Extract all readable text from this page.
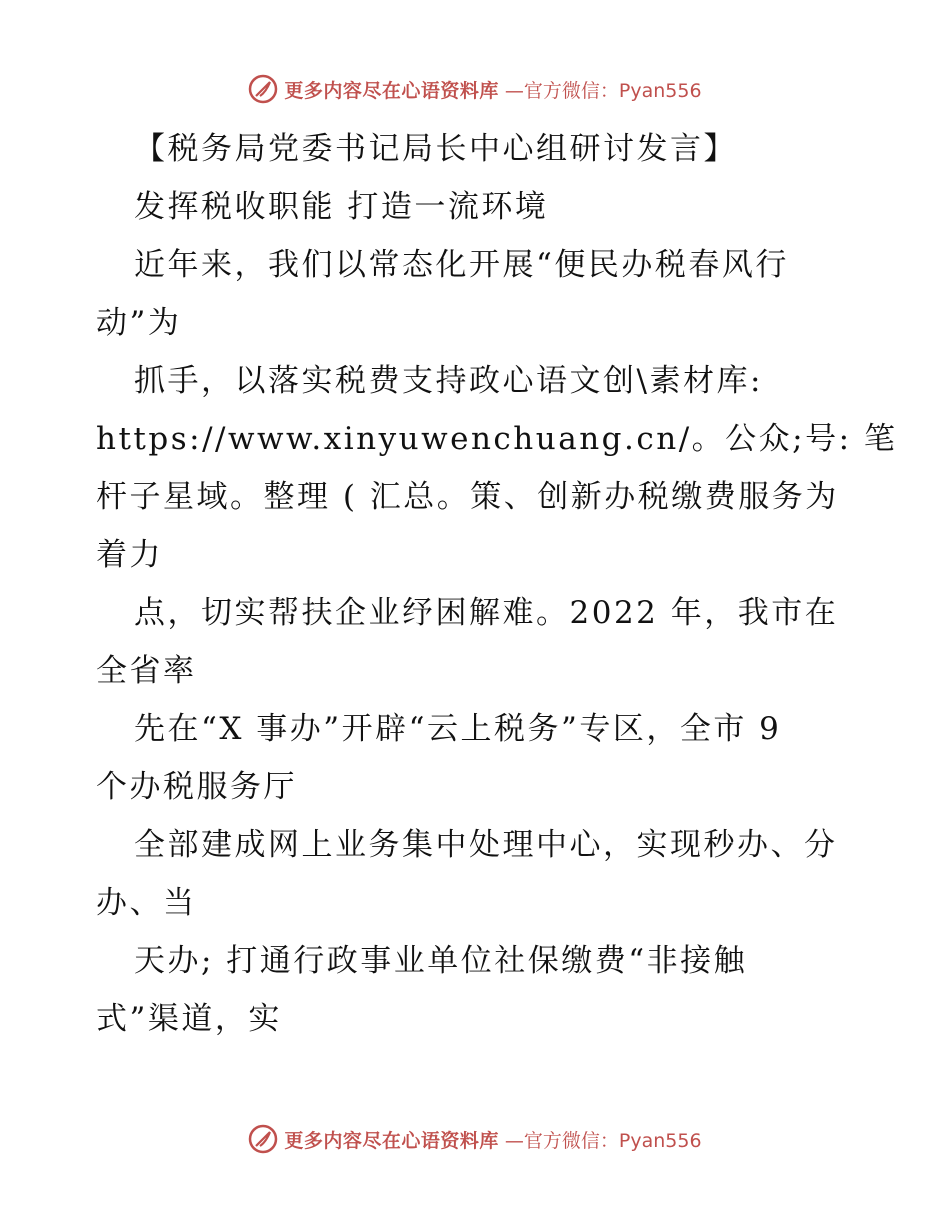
更多内容尽在心语资料库 —官方微信：Pyan556
【税务局党委书记局长中心组研讨发言】
发挥税收职能 打造一流环境
近年来，我们以常态化开展“便民办税春风行
动”为
抓手，以落实税费支持政心语文创\素材库:
https://www.xinyuwenchuang.cn/。公众;号: 笔
杆子星域。整理 ( 汇总。策、创新办税缴费服务为
着力
点，切实帮扶企业纾困解难。2022 年，我市在
全省率
先在“X 事办”开辟“云上税务”专区，全市 9
个办税服务厅
全部建成网上业务集中处理中心，实现秒办、分
办、当
天办; 打通行政事业单位社保缴费“非接触
式”渠道，实
更多内容尽在心语资料库 —官方微信：Pyan556
